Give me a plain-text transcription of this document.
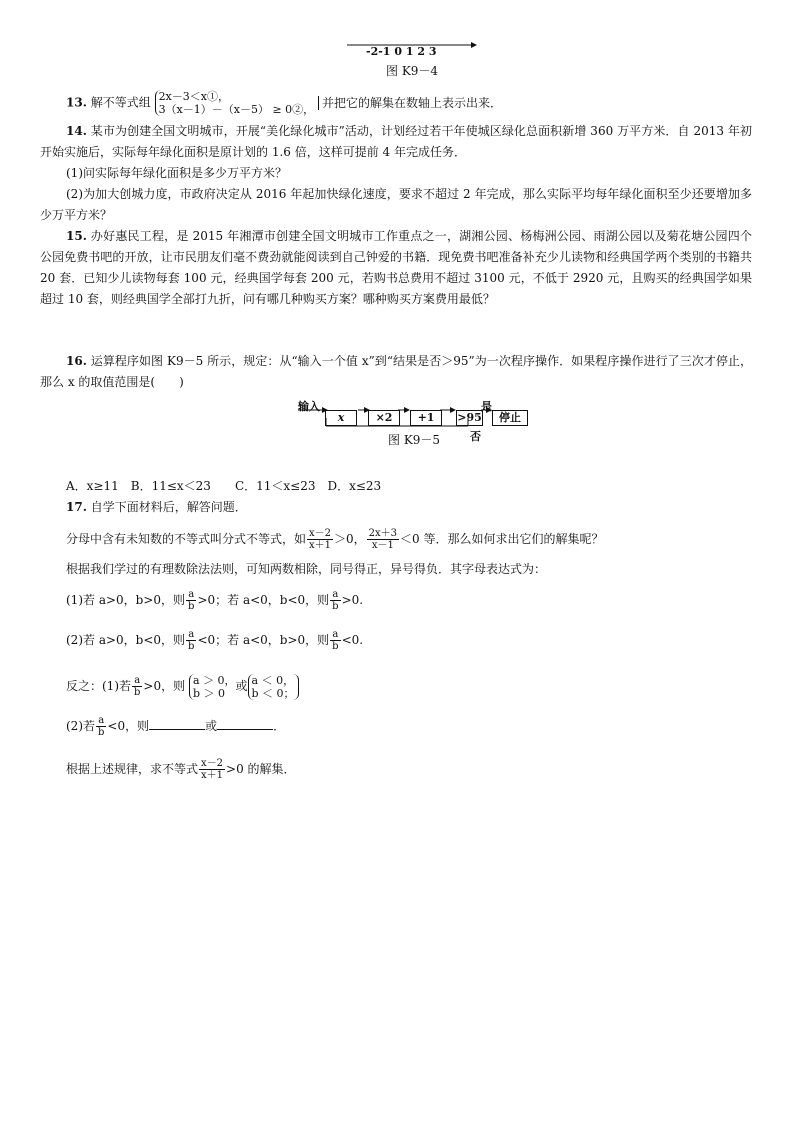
-2-1 0 1 2 3
图 K9－4
13. 解不等式组 2x－3＜x①，
3（x－1）－（x－5） ≥ 0②， 并把它的解集在数轴上表示出来．
14. 某市为创建全国文明城市，开展“美化绿化城市”活动，计划经过若干年使城区绿化总面积新增 360 万平方米．自 2013 年初开始实施后，实际每年绿化面积是原计划的 1.6 倍，这样可提前 4 年完成任务．
(1)问实际每年绿化面积是多少万平方米？
(2)为加大创城力度，市政府决定从 2016 年起加快绿化速度，要求不超过 2 年完成，那么实际平均每年绿化面积至少还要增加多少万平方米？
15. 办好惠民工程，是 2015 年湘潭市创建全国文明城市工作重点之一，湖湘公园、杨梅洲公园、雨湖公园以及菊花塘公园四个公园免费书吧的开放，让市民朋友们毫不费劲就能阅读到自己钟爱的书籍．现免费书吧准备补充少儿读物和经典国学两个类别的书籍共 20 套．已知少儿读物每套 100 元，经典国学每套 200 元，若购书总费用不超过 3100 元，不低于 2920 元，且购买的经典国学如果超过 10 套，则经典国学全部打九折，问有哪几种购买方案？哪种购买方案费用最低？
16. 运算程序如图 K9－5 所示，规定：从“输入一个值 x”到“结果是否＞95”为一次程序操作．如果程序操作进行了三次才停止，那么 x 的取值范围是(　　)
输入
x	×2	+1	>95
是
停止
否
图 K9－5
A．x≥11　B．11≤x＜23　　C．11＜x≤23　D．x≤23
17. 自学下面材料后，解答问题．
分母中含有未知数的不等式叫分式不等式，如 $\frac{x-2}{x+1} >0$， $\frac{2x+3}{x-1} <0$ 等．那么如何求出它们的解集呢？
根据我们学过的有理数除法法则，可知两数相除，同号得正，异号得负．其字母表达式为：
(1)若 a>0，b>0，则 $\frac{a}{b} >0$；若 a<0，b<0，则 $\frac{a}{b} >0$.
(2)若 a>0，b<0，则 $\frac{a}{b} <0$；若 a<0，b>0，则 $\frac{a}{b} <0$.
反之：(1)若 $\frac{a}{b} >0$，则 a ＞ 0，
b ＞ 0 或 a ＜ 0，
b ＜ 0；
(2)若 $\frac{a}{b} <0$，则	或	．
根据上述规律，求不等式 $\frac{x-2}{x+1} >0$ 的解集．
